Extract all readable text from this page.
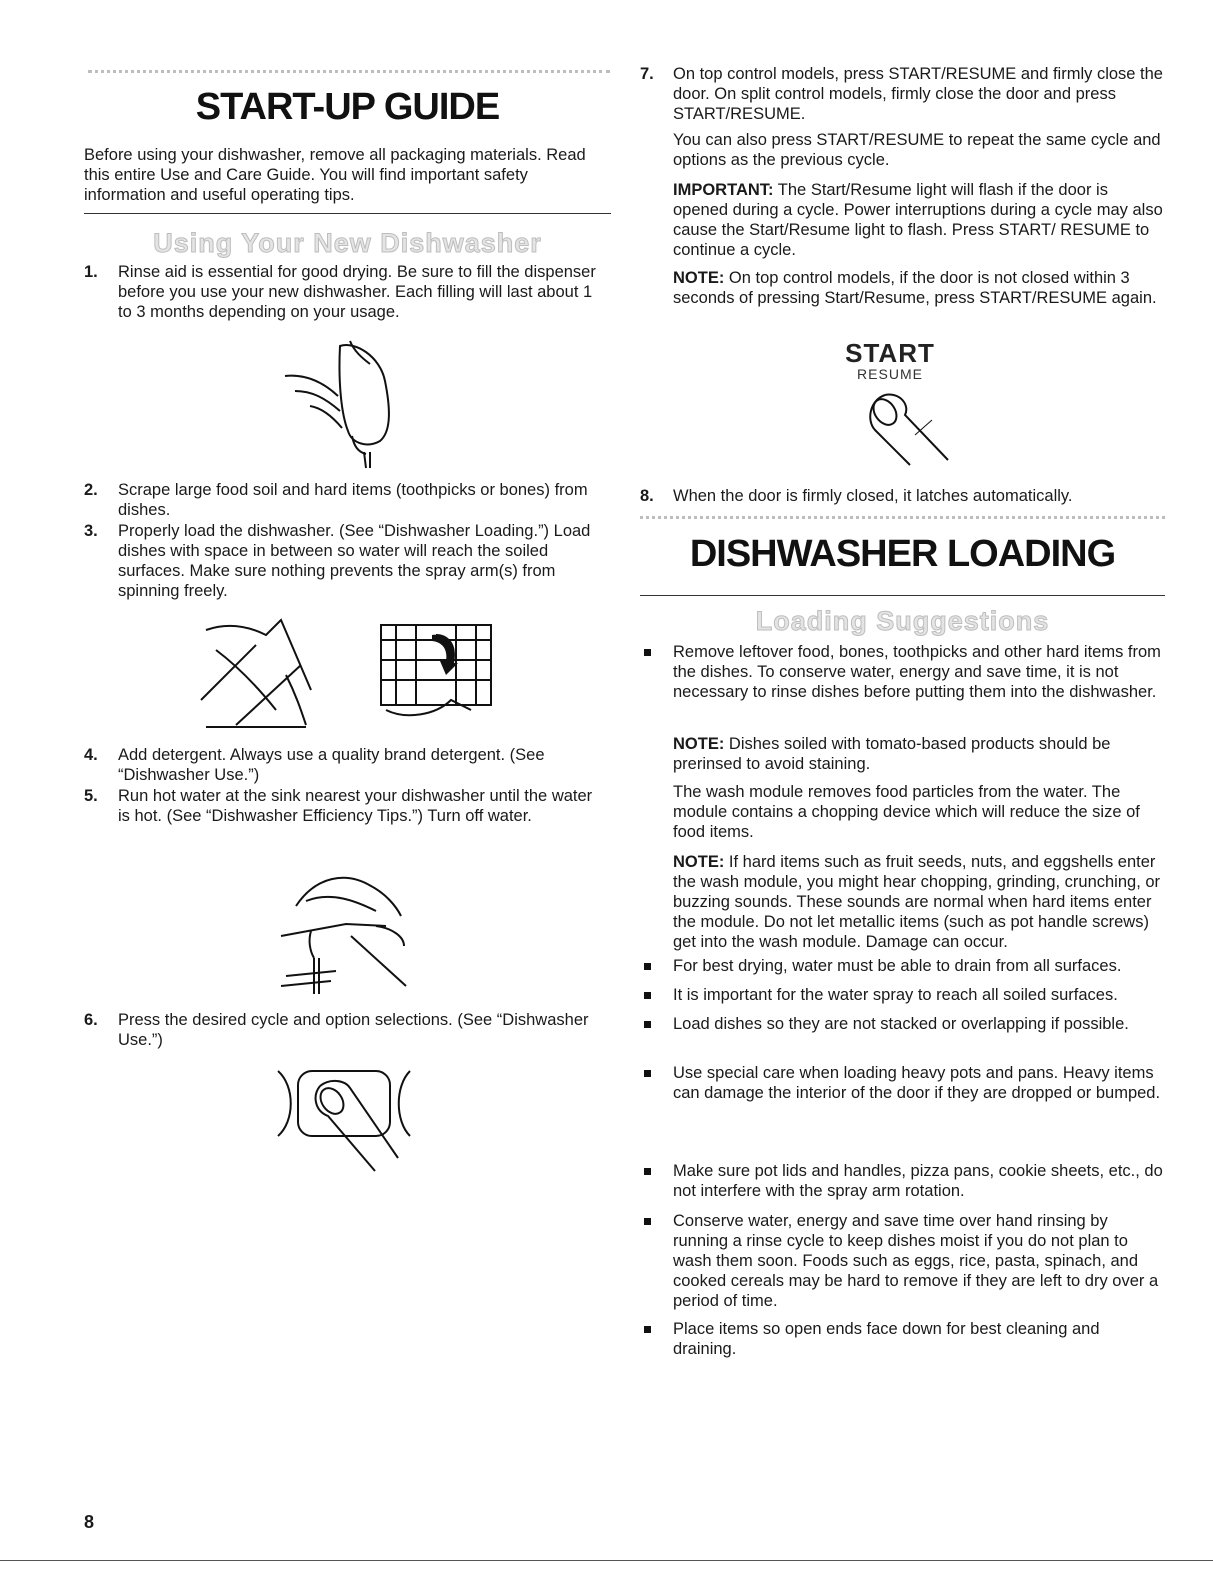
START-UP GUIDE

Before using your dishwasher, remove all packaging materials. Read this entire Use and Care Guide. You will find important safety information and useful operating tips.

Using Your New Dishwasher
1. Rinse aid is essential for good drying. Be sure to fill the dispenser before you use your new dishwasher. Each filling will last about 1 to 3 months depending on your usage.

2. Scrape large food soil and hard items (toothpicks or bones) from dishes.

3. Properly load the dishwasher. (See “Dishwasher Loading.”) Load dishes with space in between so water will reach the soiled surfaces. Make sure nothing prevents the spray arm(s) from spinning freely.

4. Add detergent. Always use a quality brand detergent. (See “Dishwasher Use.”)

5. Run hot water at the sink nearest your dishwasher until the water is hot. (See “Dishwasher Efficiency Tips.”) Turn off water.

6. Press the desired cycle and option selections. (See “Dishwasher Use.”)

7. On top control models, press START/RESUME and firmly close the door. On split control models, firmly close the door and press START/RESUME.

You can also press START/RESUME to repeat the same cycle and options as the previous cycle.

IMPORTANT: The Start/Resume light will flash if the door is opened during a cycle. Power interruptions during a cycle may also cause the Start/Resume light to flash. Press START/ RESUME to continue a cycle.

NOTE: On top control models, if the door is not closed within 3 seconds of pressing Start/Resume, press START/RESUME again.

START
RESUME
8. When the door is firmly closed, it latches automatically.

DISHWASHER LOADING
Loading Suggestions

Remove leftover food, bones, toothpicks and other hard items from the dishes. To conserve water, energy and save time, it is not necessary to rinse dishes before putting them into the dishwasher.

NOTE: Dishes soiled with tomato-based products should be prerinsed to avoid staining.

The wash module removes food particles from the water. The module contains a chopping device which will reduce the size of food items.

NOTE: If hard items such as fruit seeds, nuts, and eggshells enter the wash module, you might hear chopping, grinding, crunching, or buzzing sounds. These sounds are normal when hard items enter the module. Do not let metallic items (such as pot handle screws) get into the wash module. Damage can occur.

For best drying, water must be able to drain from all surfaces.

It is important for the water spray to reach all soiled surfaces.

Load dishes so they are not stacked or overlapping if possible.

Use special care when loading heavy pots and pans. Heavy items can damage the interior of the door if they are dropped or bumped.

Make sure pot lids and handles, pizza pans, cookie sheets, etc., do not interfere with the spray arm rotation.

Conserve water, energy and save time over hand rinsing by running a rinse cycle to keep dishes moist if you do not plan to wash them soon. Foods such as eggs, rice, pasta, spinach, and cooked cereals may be hard to remove if they are left to dry over a period of time.

Place items so open ends face down for best cleaning and draining.

8
